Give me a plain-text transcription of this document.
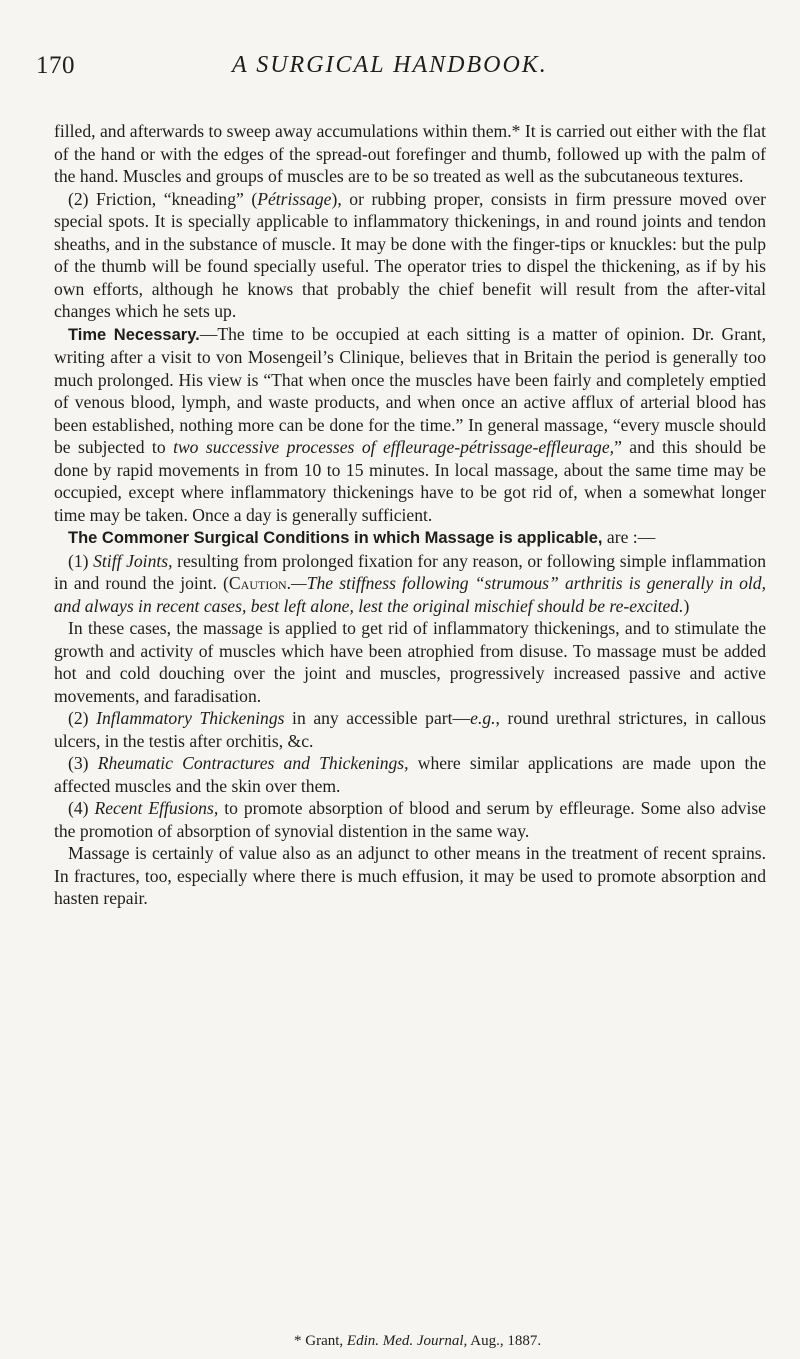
170	A SURGICAL HANDBOOK.

filled, and afterwards to sweep away accumulations within them.* It is carried out either with the flat of the hand or with the edges of the spread-out forefinger and thumb, followed up with the palm of the hand. Muscles and groups of muscles are to be so treated as well as the subcutaneous textures.

(2) Friction, “kneading” (Pétrissage), or rubbing proper, consists in firm pressure moved over special spots. It is specially applicable to inflammatory thickenings, in and round joints and tendon sheaths, and in the substance of muscle. It may be done with the finger-tips or knuckles: but the pulp of the thumb will be found specially useful. The operator tries to dispel the thickening, as if by his own efforts, although he knows that probably the chief benefit will result from the after-vital changes which he sets up.

Time Necessary.—The time to be occupied at each sitting is a matter of opinion. Dr. Grant, writing after a visit to von Mosengeil’s Clinique, believes that in Britain the period is generally too much prolonged. His view is “That when once the muscles have been fairly and completely emptied of venous blood, lymph, and waste products, and when once an active afflux of arterial blood has been established, nothing more can be done for the time.” In general massage, “every muscle should be subjected to two successive processes of effleurage-pétrissage-effleurage,” and this should be done by rapid movements in from 10 to 15 minutes. In local massage, about the same time may be occupied, except where inflammatory thickenings have to be got rid of, when a somewhat longer time may be taken. Once a day is generally sufficient.

The Commoner Surgical Conditions in which Massage is applicable, are :—

(1) Stiff Joints, resulting from prolonged fixation for any reason, or following simple inflammation in and round the joint. (Caution.—The stiffness following “strumous” arthritis is generally in old, and always in recent cases, best left alone, lest the original mischief should be re-excited.)

In these cases, the massage is applied to get rid of inflammatory thickenings, and to stimulate the growth and activity of muscles which have been atrophied from disuse. To massage must be added hot and cold douching over the joint and muscles, progressively increased passive and active movements, and faradisation.

(2) Inflammatory Thickenings in any accessible part—e.g., round urethral strictures, in callous ulcers, in the testis after orchitis, &c.

(3) Rheumatic Contractures and Thickenings, where similar applications are made upon the affected muscles and the skin over them.

(4) Recent Effusions, to promote absorption of blood and serum by effleurage. Some also advise the promotion of absorption of synovial distention in the same way.

Massage is certainly of value also as an adjunct to other means in the treatment of recent sprains. In fractures, too, especially where there is much effusion, it may be used to promote absorption and hasten repair.

* Grant, Edin. Med. Journal, Aug., 1887.
